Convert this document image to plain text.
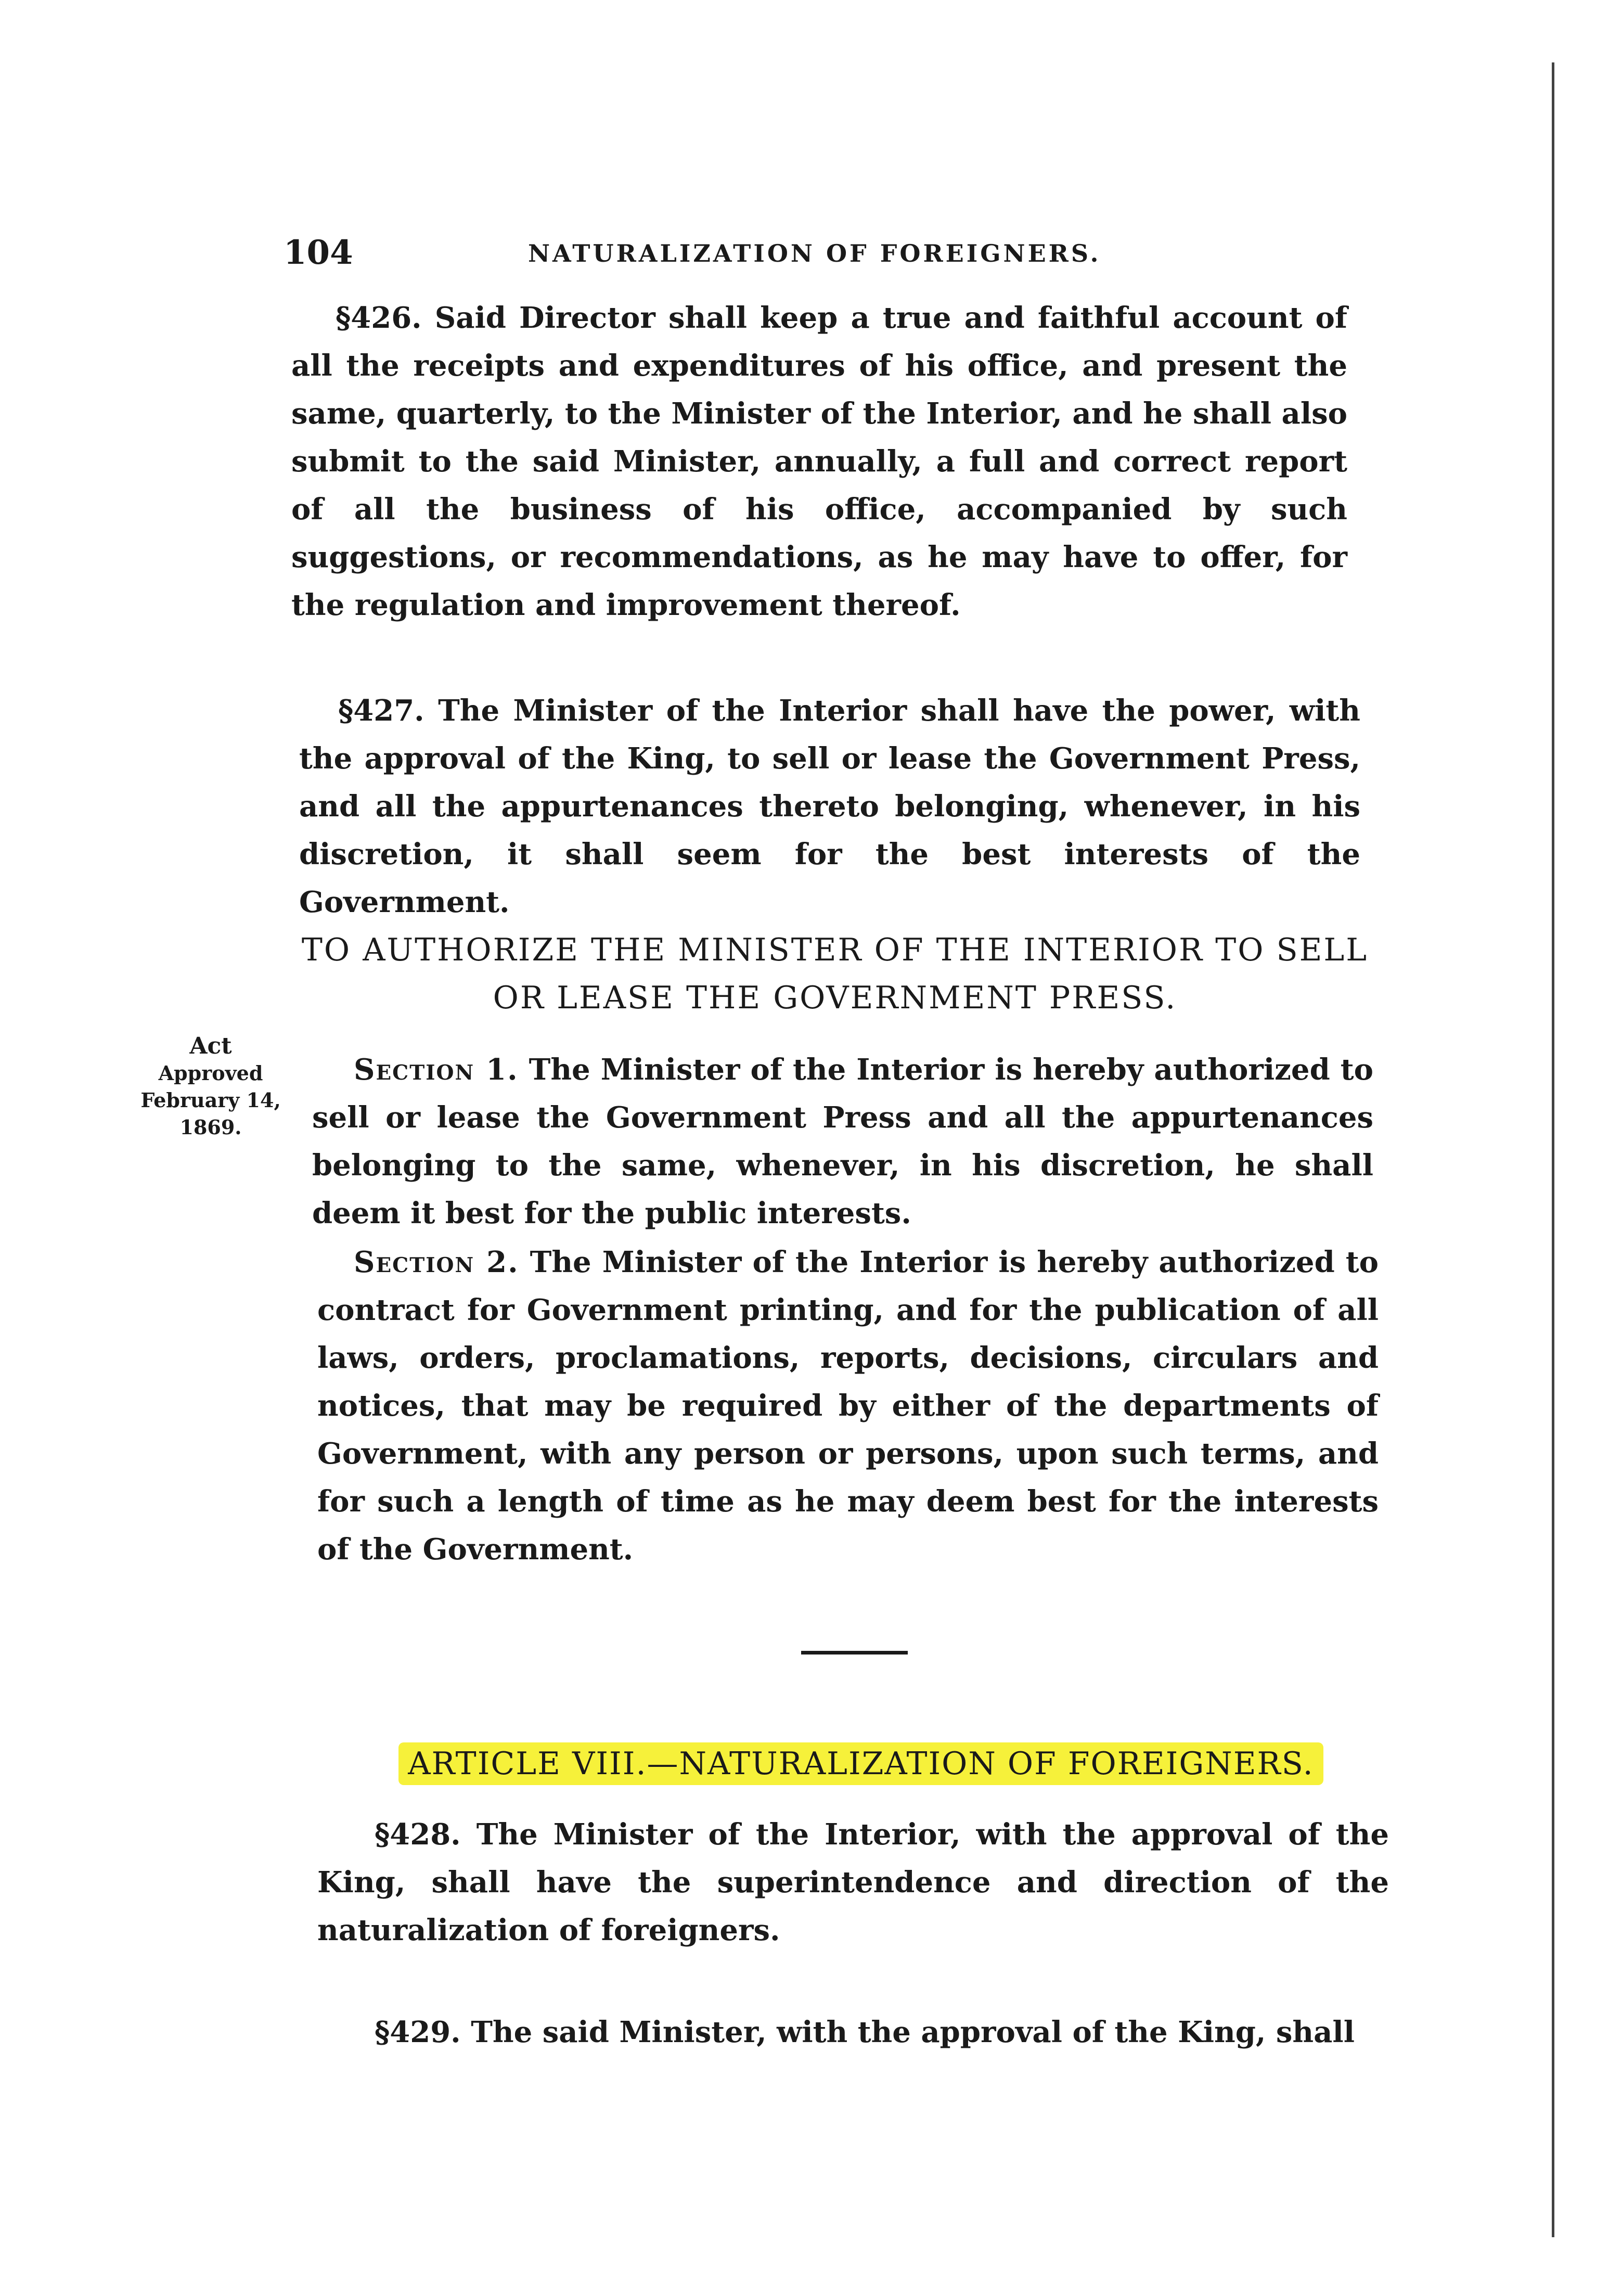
104	NATURALIZATION OF FOREIGNERS.

§426. Said Director shall keep a true and faithful account of all the receipts and expenditures of his office, and present the same, quarterly, to the Minister of the Interior, and he shall also submit to the said Minister, annually, a full and correct report of all the business of his office, accompanied by such suggestions, or recommendations, as he may have to offer, for the regulation and improvement thereof.

§427. The Minister of the Interior shall have the power, with the approval of the King, to sell or lease the Government Press, and all the appurtenances thereto belonging, whenever, in his discretion, it shall seem for the best interests of the Government.

TO AUTHORIZE THE MINISTER OF THE INTERIOR TO SELL OR LEASE THE GOVERNMENT PRESS.

Act
Approved February 14, 1869.

Section 1. The Minister of the Interior is hereby authorized to sell or lease the Government Press and all the appurtenances belonging to the same, whenever, in his discretion, he shall deem it best for the public interests.

Section 2. The Minister of the Interior is hereby authorized to contract for Government printing, and for the publication of all laws, orders, proclamations, reports, decisions, circulars and notices, that may be required by either of the departments of Government, with any person or persons, upon such terms, and for such a length of time as he may deem best for the interests of the Government.

ARTICLE VIII.—NATURALIZATION OF FOREIGNERS.

§428. The Minister of the Interior, with the approval of the King, shall have the superintendence and direction of the naturalization of foreigners.

§429. The said Minister, with the approval of the King, shall
